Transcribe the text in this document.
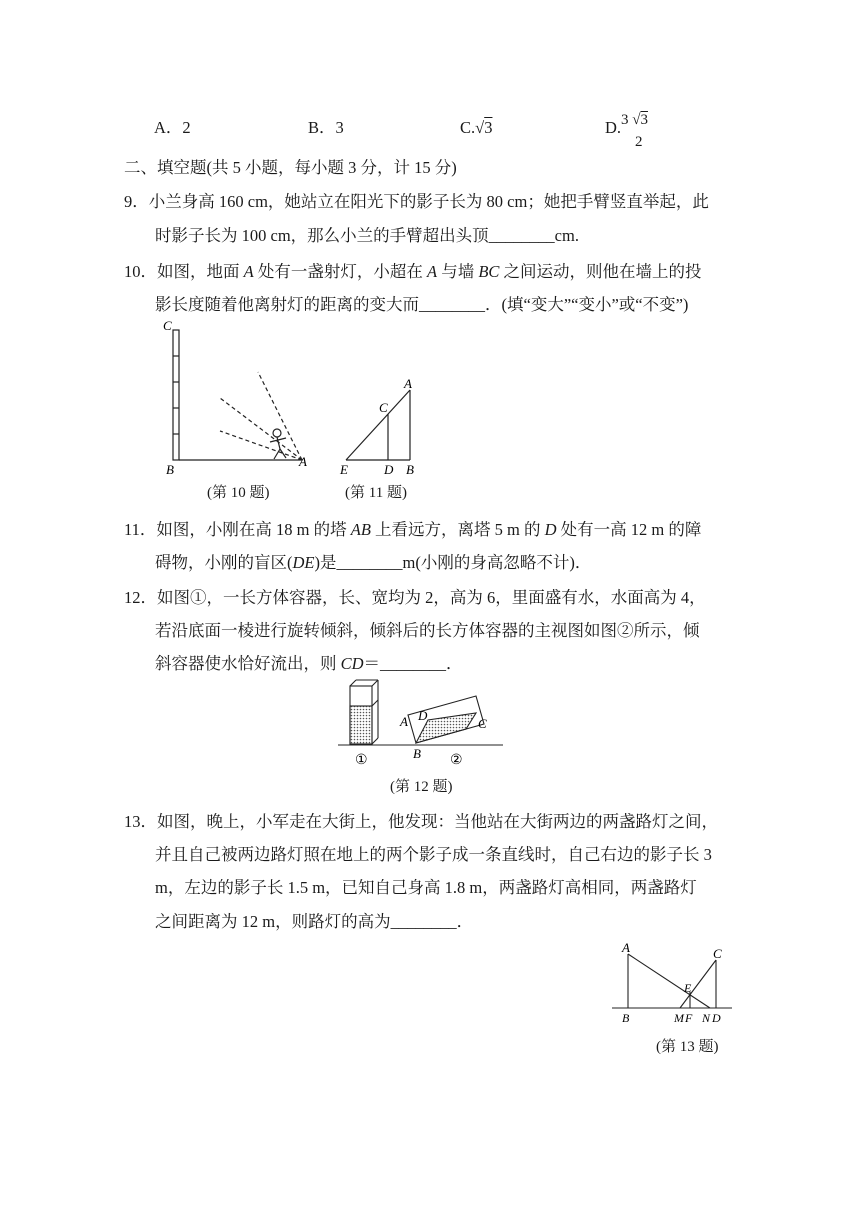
A．2	B．3	C.√3	D. 3 √3
2
二、填空题(共 5 小题，每小题 3 分，计 15 分)
9．小兰身高 160 cm，她站立在阳光下的影子长为 80 cm；她把手臂竖直举起，此
时影子长为 100 cm，那么小兰的手臂超出头顶________cm.
10．如图，地面 A 处有一盏射灯，小超在 A 与墙 BC 之间运动，则他在墙上的投
影长度随着他离射灯的距离的变大而________．(填“变大”“变小”或“不变”)
C
B
A
(第 10 题)
A
C
E	D B
(第 11 题)
11．如图，小刚在高 18 m 的塔 AB 上看远方，离塔 5 m 的 D 处有一高 12 m 的障
碍物，小刚的盲区(DE)是________m(小刚的身高忽略不计)．
12．如图①，一长方体容器，长、宽均为 2，高为 6，里面盛有水，水面高为 4，
若沿底面一棱进行旋转倾斜，倾斜后的长方体容器的主视图如图②所示，倾
斜容器使水恰好流出，则 CD＝________．
A D
C
B
①	②
(第 12 题)
13．如图，晚上，小军走在大街上，他发现：当他站在大街两边的两盏路灯之间，
并且自己被两边路灯照在地上的两个影子成一条直线时，自己右边的影子长 3
m，左边的影子长 1.5 m，已知自己身高 1.8 m，两盏路灯高相同，两盏路灯
之间距离为 12 m，则路灯的高为________．
A	C
E
B	M F N D
(第 13 题)
